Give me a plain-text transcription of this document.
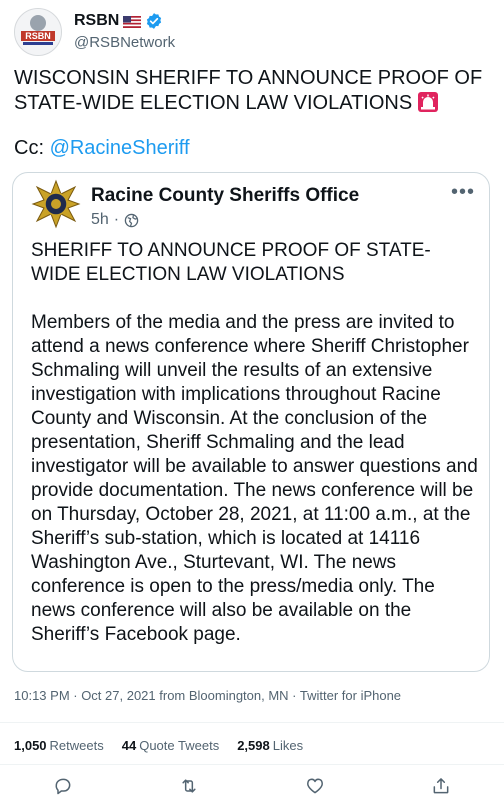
RSBN
RSBN
@RSBNetwork
WISCONSIN SHERIFF TO ANNOUNCE PROOF OF STATE-WIDE ELECTION LAW VIOLATIONS
Cc: @RacineSheriff
Racine County Sheriffs Office
5h ·
•••

SHERIFF TO ANNOUNCE PROOF OF STATE-WIDE ELECTION LAW VIOLATIONS

Members of the media and the press are invited to attend a news conference where Sheriff Christopher Schmaling will unveil the results of an extensive investigation with implications throughout Racine County and Wisconsin. At the conclusion of the presentation, Sheriff Schmaling and the lead investigator will be available to answer questions and provide documentation. The news conference will be on Thursday, October 28, 2021, at 11:00 a.m., at the Sheriff’s sub-station, which is located at 14116 Washington Ave., Sturtevant, WI. The news conference is open to the press/media only. The news conference will also be available on the Sheriff’s Facebook page.

10:13 PM · Oct 27, 2021 from Bloomington, MN · Twitter for iPhone
1,050 Retweets 44 Quote Tweets 2,598 Likes
